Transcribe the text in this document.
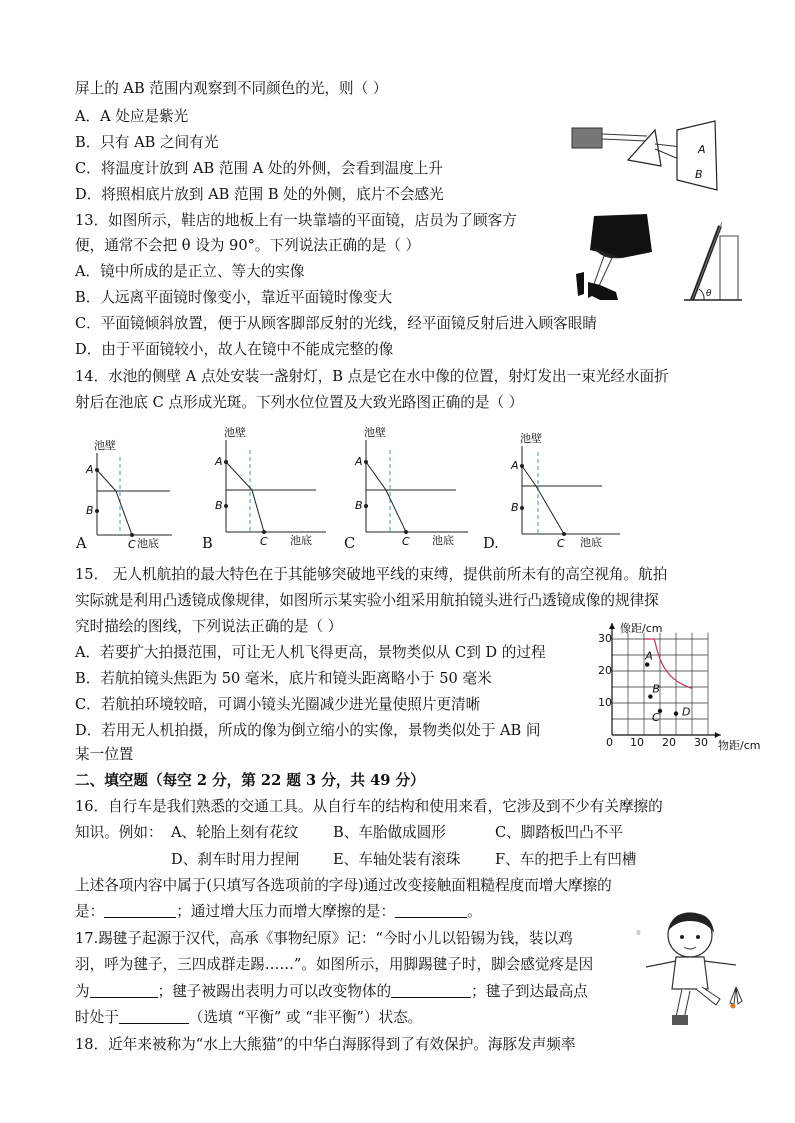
屏上的 AB 范围内观察到不同颜色的光，则（ ）
A．A 处应是紫光
B．只有 AB 之间有光
C．将温度计放到 AB 范围 A 处的外侧，会看到温度上升
D．将照相底片放到 AB 范围 B 处的外侧，底片不会感光
A
B
13．如图所示，鞋店的地板上有一块靠墙的平面镜，店员为了顾客方
便，通常不会把 θ 设为 90°。下列说法正确的是（ ）
A．镜中所成的是正立、等大的实像
B．人远离平面镜时像变小，靠近平面镜时像变大
C．平面镜倾斜放置，便于从顾客脚部反射的光线，经平面镜反射后进入顾客眼睛
D．由于平面镜较小，故人在镜中不能成完整的像
θ
14．水池的侧壁 A 点处安装一盏射灯，B 点是它在水中像的位置，射灯发出一束光经水面折
射后在池底 C 点形成光斑。下列水位位置及大致光路图正确的是（ ）
池壁
A
B
C 池底
A
池壁
A
B
C 池底
B
池壁
A
B
C 池底
C
池壁
A
B
C 池底
D.
15． 无人机航拍的最大特色在于其能够突破地平线的束缚，提供前所未有的高空视角。航拍
实际就是利用凸透镜成像规律，如图所示某实验小组采用航拍镜头进行凸透镜成像的规律探
究时描绘的图线，下列说法正确的是（ ）
A．若要扩大拍摄范围，可让无人机飞得更高，景物类似从 C到 D 的过程
B．若航拍镜头焦距为 50 毫米，底片和镜头距离略小于 50 毫米
C．若航拍环境较暗，可调小镜头光圈减少进光量使照片更清晰
D．若用无人机拍摄，所成的像为倒立缩小的实像，景物类似处于 AB 间
某一位置
A
B
C D
像距/cm
物距/cm
0 10 20 30
10
20
30
二、填空题（每空 2 分，第 22 题 3 分，共 49 分）
16．自行车是我们熟悉的交通工具。从自行车的结构和使用来看，它涉及到不少有关摩擦的
知识。例如： A、轮胎上刻有花纹 B、车胎做成圆形	C、脚踏板凹凸不平
D、刹车时用力捏闸 E、车轴处装有滚珠 F、车的把手上有凹槽
上述各项内容中属于(只填写各选项前的字母)通过改变接触面粗糙程度而增大摩擦的
是：	；通过增大压力而增大摩擦的是：	。
17.踢毽子起源于汉代，高承《事物纪原》记：“今时小儿以铅锡为钱，装以鸡
羽，呼为毽子，三四成群走踢……”。如图所示，用脚踢毽子时，脚会感觉疼是因
为	；毽子被踢出表明力可以改变物体的	；毽子到达最高点
时处于	（选填 “平衡” 或 “非平衡”）状态。
Ⅲ
18．近年来被称为“水上大熊猫”的中华白海豚得到了有效保护。海豚发声频率
